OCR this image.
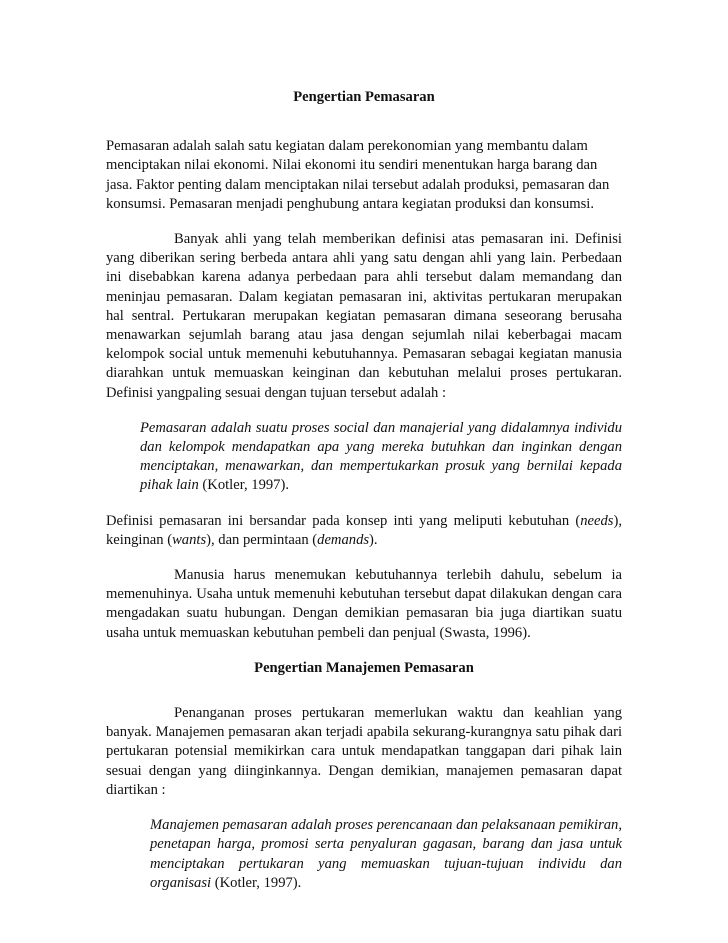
Pengertian Pemasaran

Pemasaran adalah salah satu kegiatan dalam perekonomian yang membantu dalam menciptakan nilai ekonomi. Nilai ekonomi itu sendiri menentukan harga barang dan jasa. Faktor penting dalam menciptakan nilai tersebut adalah produksi, pemasaran dan konsumsi. Pemasaran menjadi penghubung antara kegiatan produksi dan konsumsi.

Banyak ahli yang telah memberikan definisi atas pemasaran ini. Definisi yang diberikan sering berbeda antara ahli yang satu dengan ahli yang lain. Perbedaan ini disebabkan karena adanya perbedaan para ahli tersebut dalam memandang dan meninjau pemasaran. Dalam kegiatan pemasaran ini, aktivitas pertukaran merupakan hal sentral. Pertukaran merupakan kegiatan pemasaran dimana seseorang berusaha menawarkan sejumlah barang atau jasa dengan sejumlah nilai keberbagai macam kelompok social untuk memenuhi kebutuhannya. Pemasaran sebagai kegiatan manusia diarahkan untuk memuaskan keinginan dan kebutuhan melalui proses pertukaran. Definisi yangpaling sesuai dengan tujuan tersebut adalah :

Pemasaran adalah suatu proses social dan manajerial yang didalamnya individu dan kelompok mendapatkan apa yang mereka butuhkan dan inginkan dengan menciptakan, menawarkan, dan mempertukarkan prosuk yang bernilai kepada pihak lain (Kotler, 1997).

Definisi pemasaran ini bersandar pada konsep inti yang meliputi kebutuhan (needs), keinginan (wants), dan permintaan (demands).

Manusia harus menemukan kebutuhannya terlebih dahulu, sebelum ia memenuhinya. Usaha untuk memenuhi kebutuhan tersebut dapat dilakukan dengan cara mengadakan suatu hubungan. Dengan demikian pemasaran bia juga diartikan suatu usaha untuk memuaskan kebutuhan pembeli dan penjual (Swasta, 1996).

Pengertian Manajemen Pemasaran

Penanganan proses pertukaran memerlukan waktu dan keahlian yang banyak. Manajemen pemasaran akan terjadi apabila sekurang-kurangnya satu pihak dari pertukaran potensial memikirkan cara untuk mendapatkan tanggapan dari pihak lain sesuai dengan yang diinginkannya. Dengan demikian, manajemen pemasaran dapat diartikan :

Manajemen pemasaran adalah proses perencanaan dan pelaksanaan pemikiran, penetapan harga, promosi serta penyaluran gagasan, barang dan jasa untuk menciptakan pertukaran yang memuaskan tujuan-tujuan individu dan organisasi (Kotler, 1997).
